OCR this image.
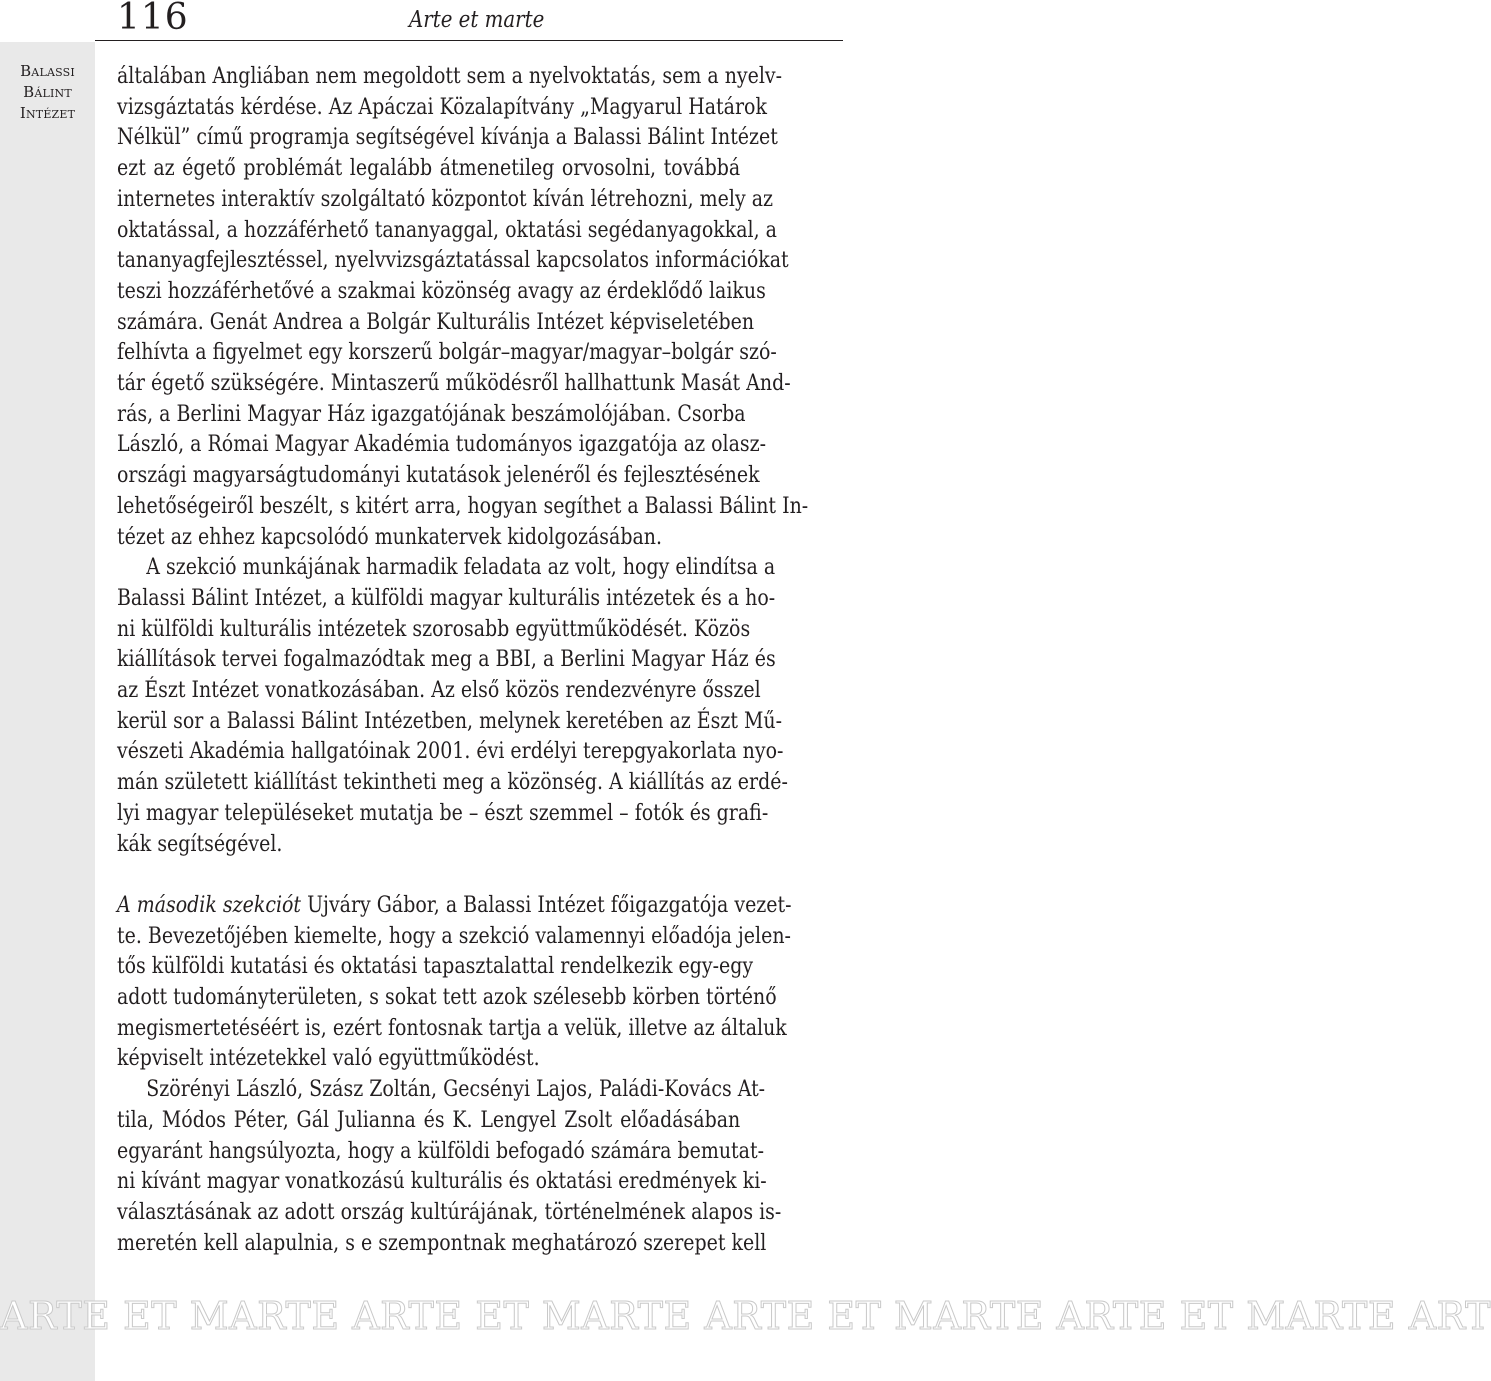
116	Arte et marte
Balassi
Bálint
Intézet
általában Angliában nem megoldott sem a nyelvoktatás, sem a nyelv-
vizsgáztatás kérdése. Az Apáczai Közalapítvány „Magyarul Határok
Nélkül” című programja segítségével kívánja a Balassi Bálint Intézet
ezt az égető problémát legalább átmenetileg orvosolni, továbbá
internetes interaktív szolgáltató központot kíván létrehozni, mely az
oktatással, a hozzáférhető tananyaggal, oktatási segédanyagokkal, a
tananyagfejlesztéssel, nyelvvizsgáztatással kapcsolatos információkat
teszi hozzáférhetővé a szakmai közönség avagy az érdeklődő laikus
számára. Genát Andrea a Bolgár Kulturális Intézet képviseletében
felhívta a figyelmet egy korszerű bolgár–magyar/magyar–bolgár szó-
tár égető szükségére. Mintaszerű működésről hallhattunk Masát And-
rás, a Berlini Magyar Ház igazgatójának beszámolójában. Csorba
László, a Római Magyar Akadémia tudományos igazgatója az olasz-
országi magyarságtudományi kutatások jelenéről és fejlesztésének
lehetőségeiről beszélt, s kitért arra, hogyan segíthet a Balassi Bálint In-
tézet az ehhez kapcsolódó munkatervek kidolgozásában.
A szekció munkájának harmadik feladata az volt, hogy elindítsa a
Balassi Bálint Intézet, a külföldi magyar kulturális intézetek és a ho-
ni külföldi kulturális intézetek szorosabb együttműködését. Közös
kiállítások tervei fogalmazódtak meg a BBI, a Berlini Magyar Ház és
az Észt Intézet vonatkozásában. Az első közös rendezvényre ősszel
kerül sor a Balassi Bálint Intézetben, melynek keretében az Észt Mű-
vészeti Akadémia hallgatóinak 2001. évi erdélyi terepgyakorlata nyo-
mán született kiállítást tekintheti meg a közönség. A kiállítás az erdé-
lyi magyar településeket mutatja be – észt szemmel – fotók és grafi-
kák segítségével.
A második szekciót Ujváry Gábor, a Balassi Intézet főigazgatója vezet-
te. Bevezetőjében kiemelte, hogy a szekció valamennyi előadója jelen-
tős külföldi kutatási és oktatási tapasztalattal rendelkezik egy-egy
adott tudományterületen, s sokat tett azok szélesebb körben történő
megismertetéséért is, ezért fontosnak tartja a velük, illetve az általuk
képviselt intézetekkel való együttműködést.
Szörényi László, Szász Zoltán, Gecsényi Lajos, Paládi-Kovács At-
tila, Módos Péter, Gál Julianna és K. Lengyel Zsolt előadásában
egyaránt hangsúlyozta, hogy a külföldi befogadó számára bemutat-
ni kívánt magyar vonatkozású kulturális és oktatási eredmények ki-
választásának az adott ország kultúrájának, történelmének alapos is-
meretén kell alapulnia, s e szempontnak meghatározó szerepet kell
ARTE ET MARTE ARTE ET MARTE ARTE ET MARTE ARTE ET MARTE ART
